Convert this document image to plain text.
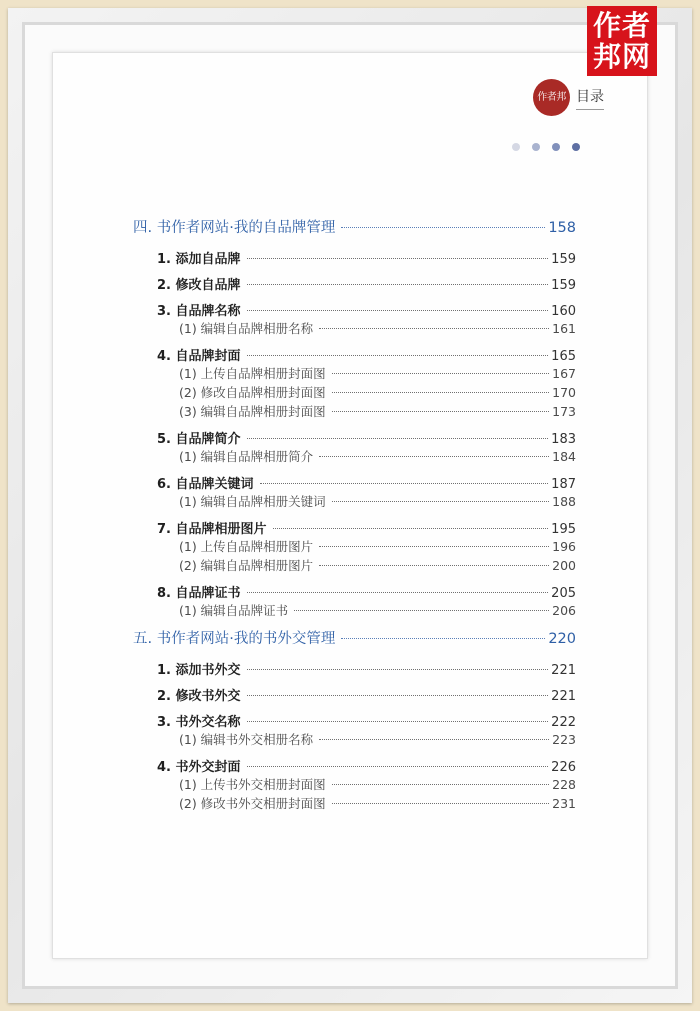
作者
邦网
作者邦 目录
四. 书作者网站·我的自品牌管理	158
1. 添加自品牌	159
2. 修改自品牌	159
3. 自品牌名称	160
(1) 编辑自品牌相册名称	161
4. 自品牌封面	165
(1) 上传自品牌相册封面图	167
(2) 修改自品牌相册封面图	170
(3) 编辑自品牌相册封面图	173
5. 自品牌简介	183
(1) 编辑自品牌相册简介	184
6. 自品牌关键词	187
(1) 编辑自品牌相册关键词	188
7. 自品牌相册图片	195
(1) 上传自品牌相册图片	196
(2) 编辑自品牌相册图片	200
8. 自品牌证书	205
(1) 编辑自品牌证书	206
五. 书作者网站·我的书外交管理	220
1. 添加书外交	221
2. 修改书外交	221
3. 书外交名称	222
(1) 编辑书外交相册名称	223
4. 书外交封面	226
(1) 上传书外交相册封面图	228
(2) 修改书外交相册封面图	231
